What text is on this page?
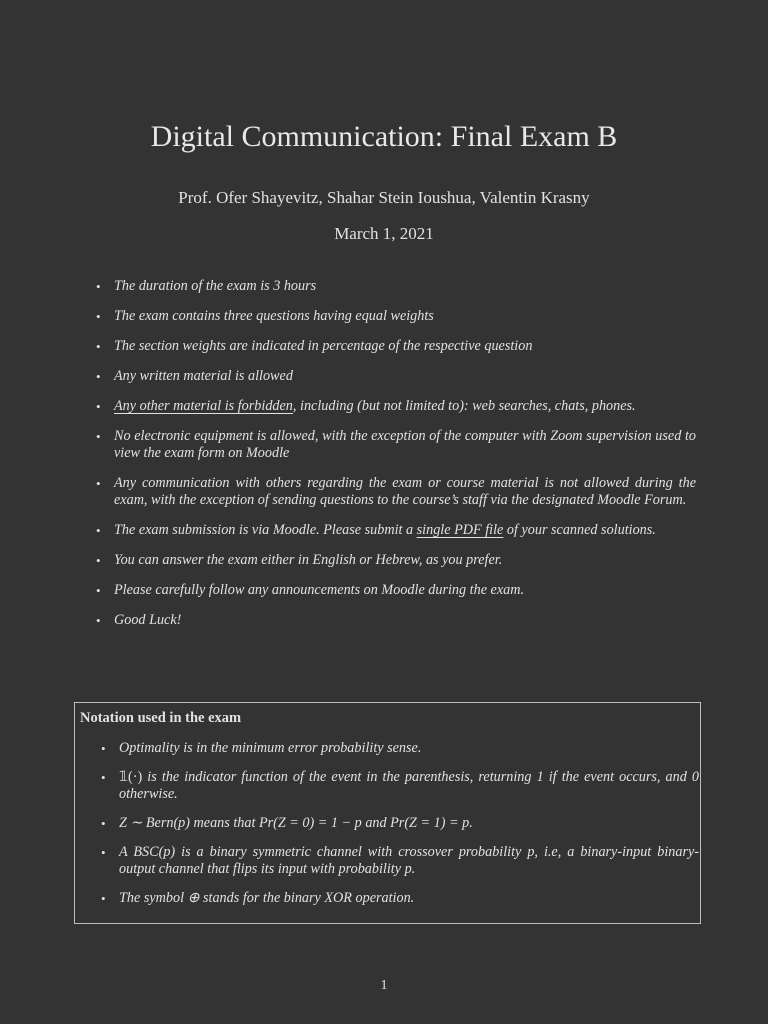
Digital Communication: Final Exam B
Prof. Ofer Shayevitz, Shahar Stein Ioushua, Valentin Krasny
March 1, 2021
• The duration of the exam is 3 hours
• The exam contains three questions having equal weights
• The section weights are indicated in percentage of the respective question
• Any written material is allowed
• Any other material is forbidden, including (but not limited to): web searches, chats, phones.
• No electronic equipment is allowed, with the exception of the computer with Zoom supervision used to view the exam form on Moodle
• Any communication with others regarding the exam or course material is not allowed during the exam, with the exception of sending questions to the course’s staff via the designated Moodle Forum.
• The exam submission is via Moodle. Please submit a single PDF file of your scanned solutions.
• You can answer the exam either in English or Hebrew, as you prefer.
• Please carefully follow any announcements on Moodle during the exam.
• Good Luck!
Notation used in the exam
• Optimality is in the minimum error probability sense.
• 𝟙(·) is the indicator function of the event in the parenthesis, returning 1 if the event occurs, and 0 otherwise.
• Z ∼ Bern(p) means that Pr(Z = 0) = 1 − p and Pr(Z = 1) = p.
• A BSC(p) is a binary symmetric channel with crossover probability p, i.e, a binary-input binary-output channel that flips its input with probability p.
• The symbol ⊕ stands for the binary XOR operation.
1
